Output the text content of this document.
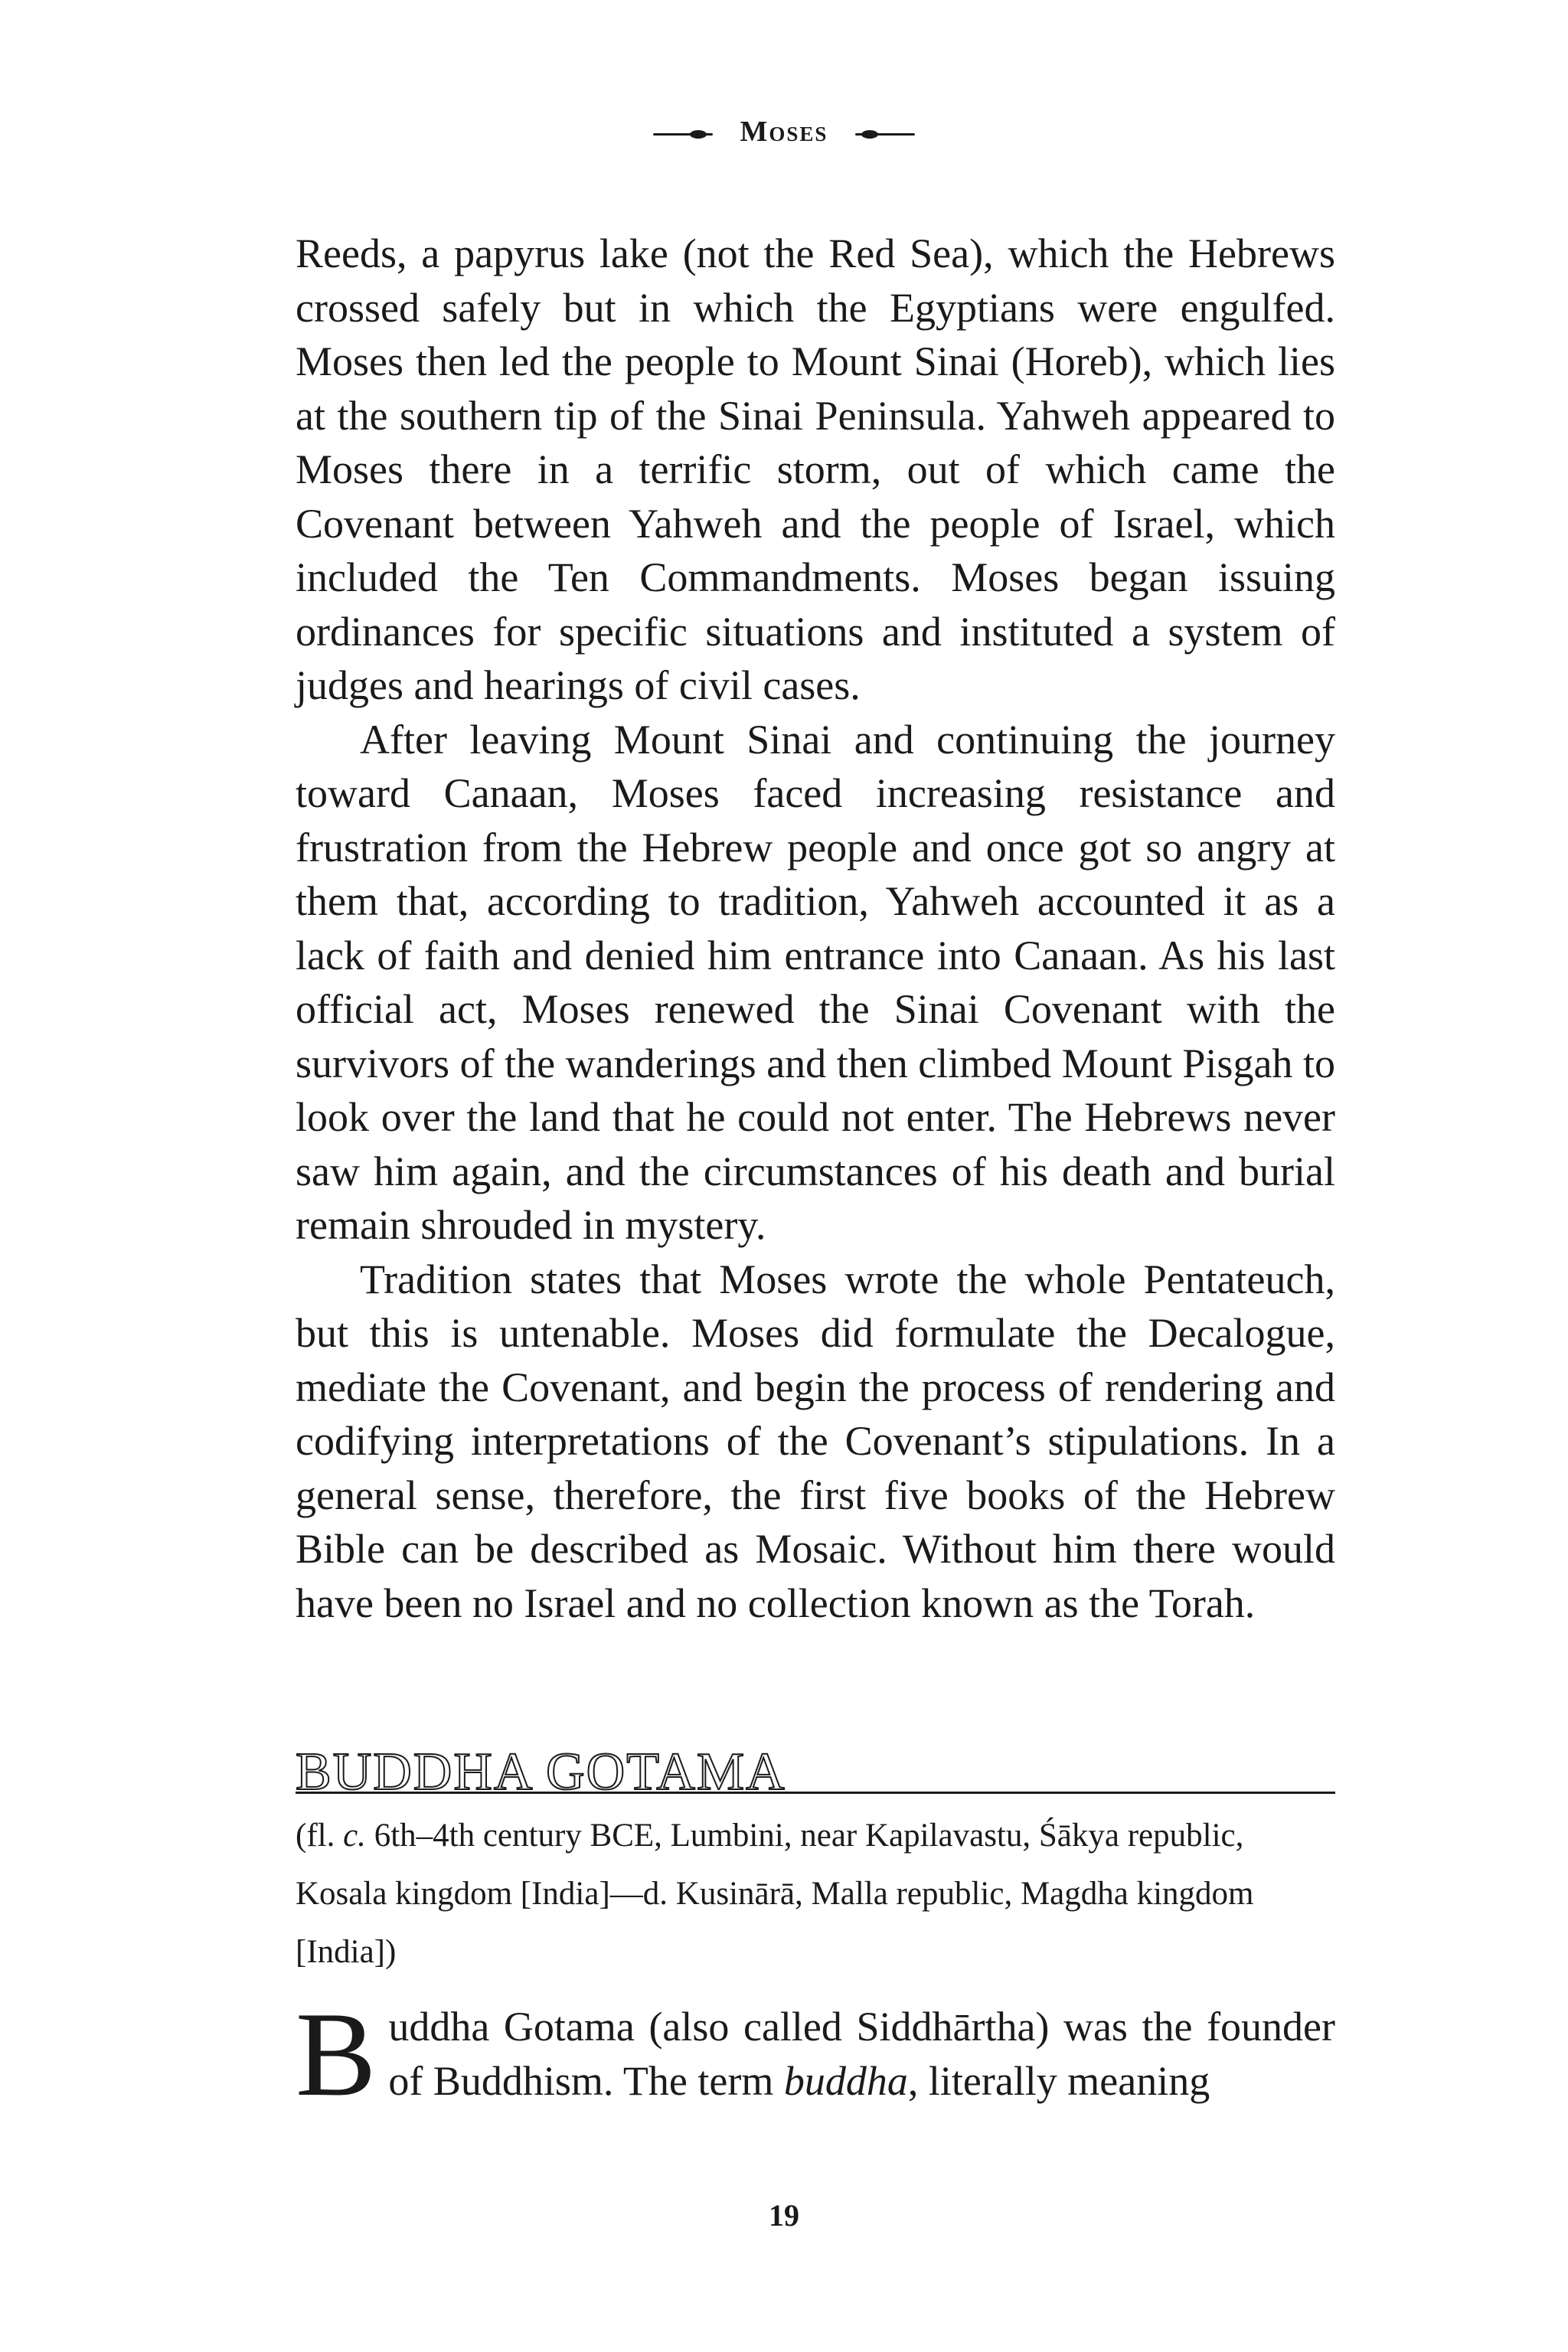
Moses

Reeds, a papyrus lake (not the Red Sea), which the Hebrews crossed safely but in which the Egyptians were engulfed. Moses then led the people to Mount Sinai (Horeb), which lies at the southern tip of the Sinai Peninsula. Yahweh appeared to Moses there in a terrific storm, out of which came the Covenant between Yahweh and the people of Israel, which included the Ten Commandments. Moses began issuing ordinances for specific situations and instituted a system of judges and hearings of civil cases.

After leaving Mount Sinai and continuing the journey toward Canaan, Moses faced increasing resistance and frustration from the Hebrew people and once got so angry at them that, according to tradition, Yahweh accounted it as a lack of faith and denied him entrance into Canaan. As his last official act, Moses renewed the Sinai Covenant with the survivors of the wanderings and then climbed Mount Pisgah to look over the land that he could not enter. The Hebrews never saw him again, and the circumstances of his death and burial remain shrouded in mystery.

Tradition states that Moses wrote the whole Pentateuch, but this is untenable. Moses did formulate the Decalogue, mediate the Covenant, and begin the process of rendering and codifying interpretations of the Covenant’s stipulations. In a general sense, therefore, the first five books of the Hebrew Bible can be described as Mosaic. Without him there would have been no Israel and no collection known as the Torah.

BUDDHA GOTAMA
(fl. c. 6th–4th century BCE, Lumbini, near Kapilavastu, Śākya republic, Kosala kingdom [India]—d. Kusinārā, Malla republic, Magdha kingdom [India])

Buddha Gotama (also called Siddhārtha) was the founder of Buddhism. The term buddha, literally meaning

19
